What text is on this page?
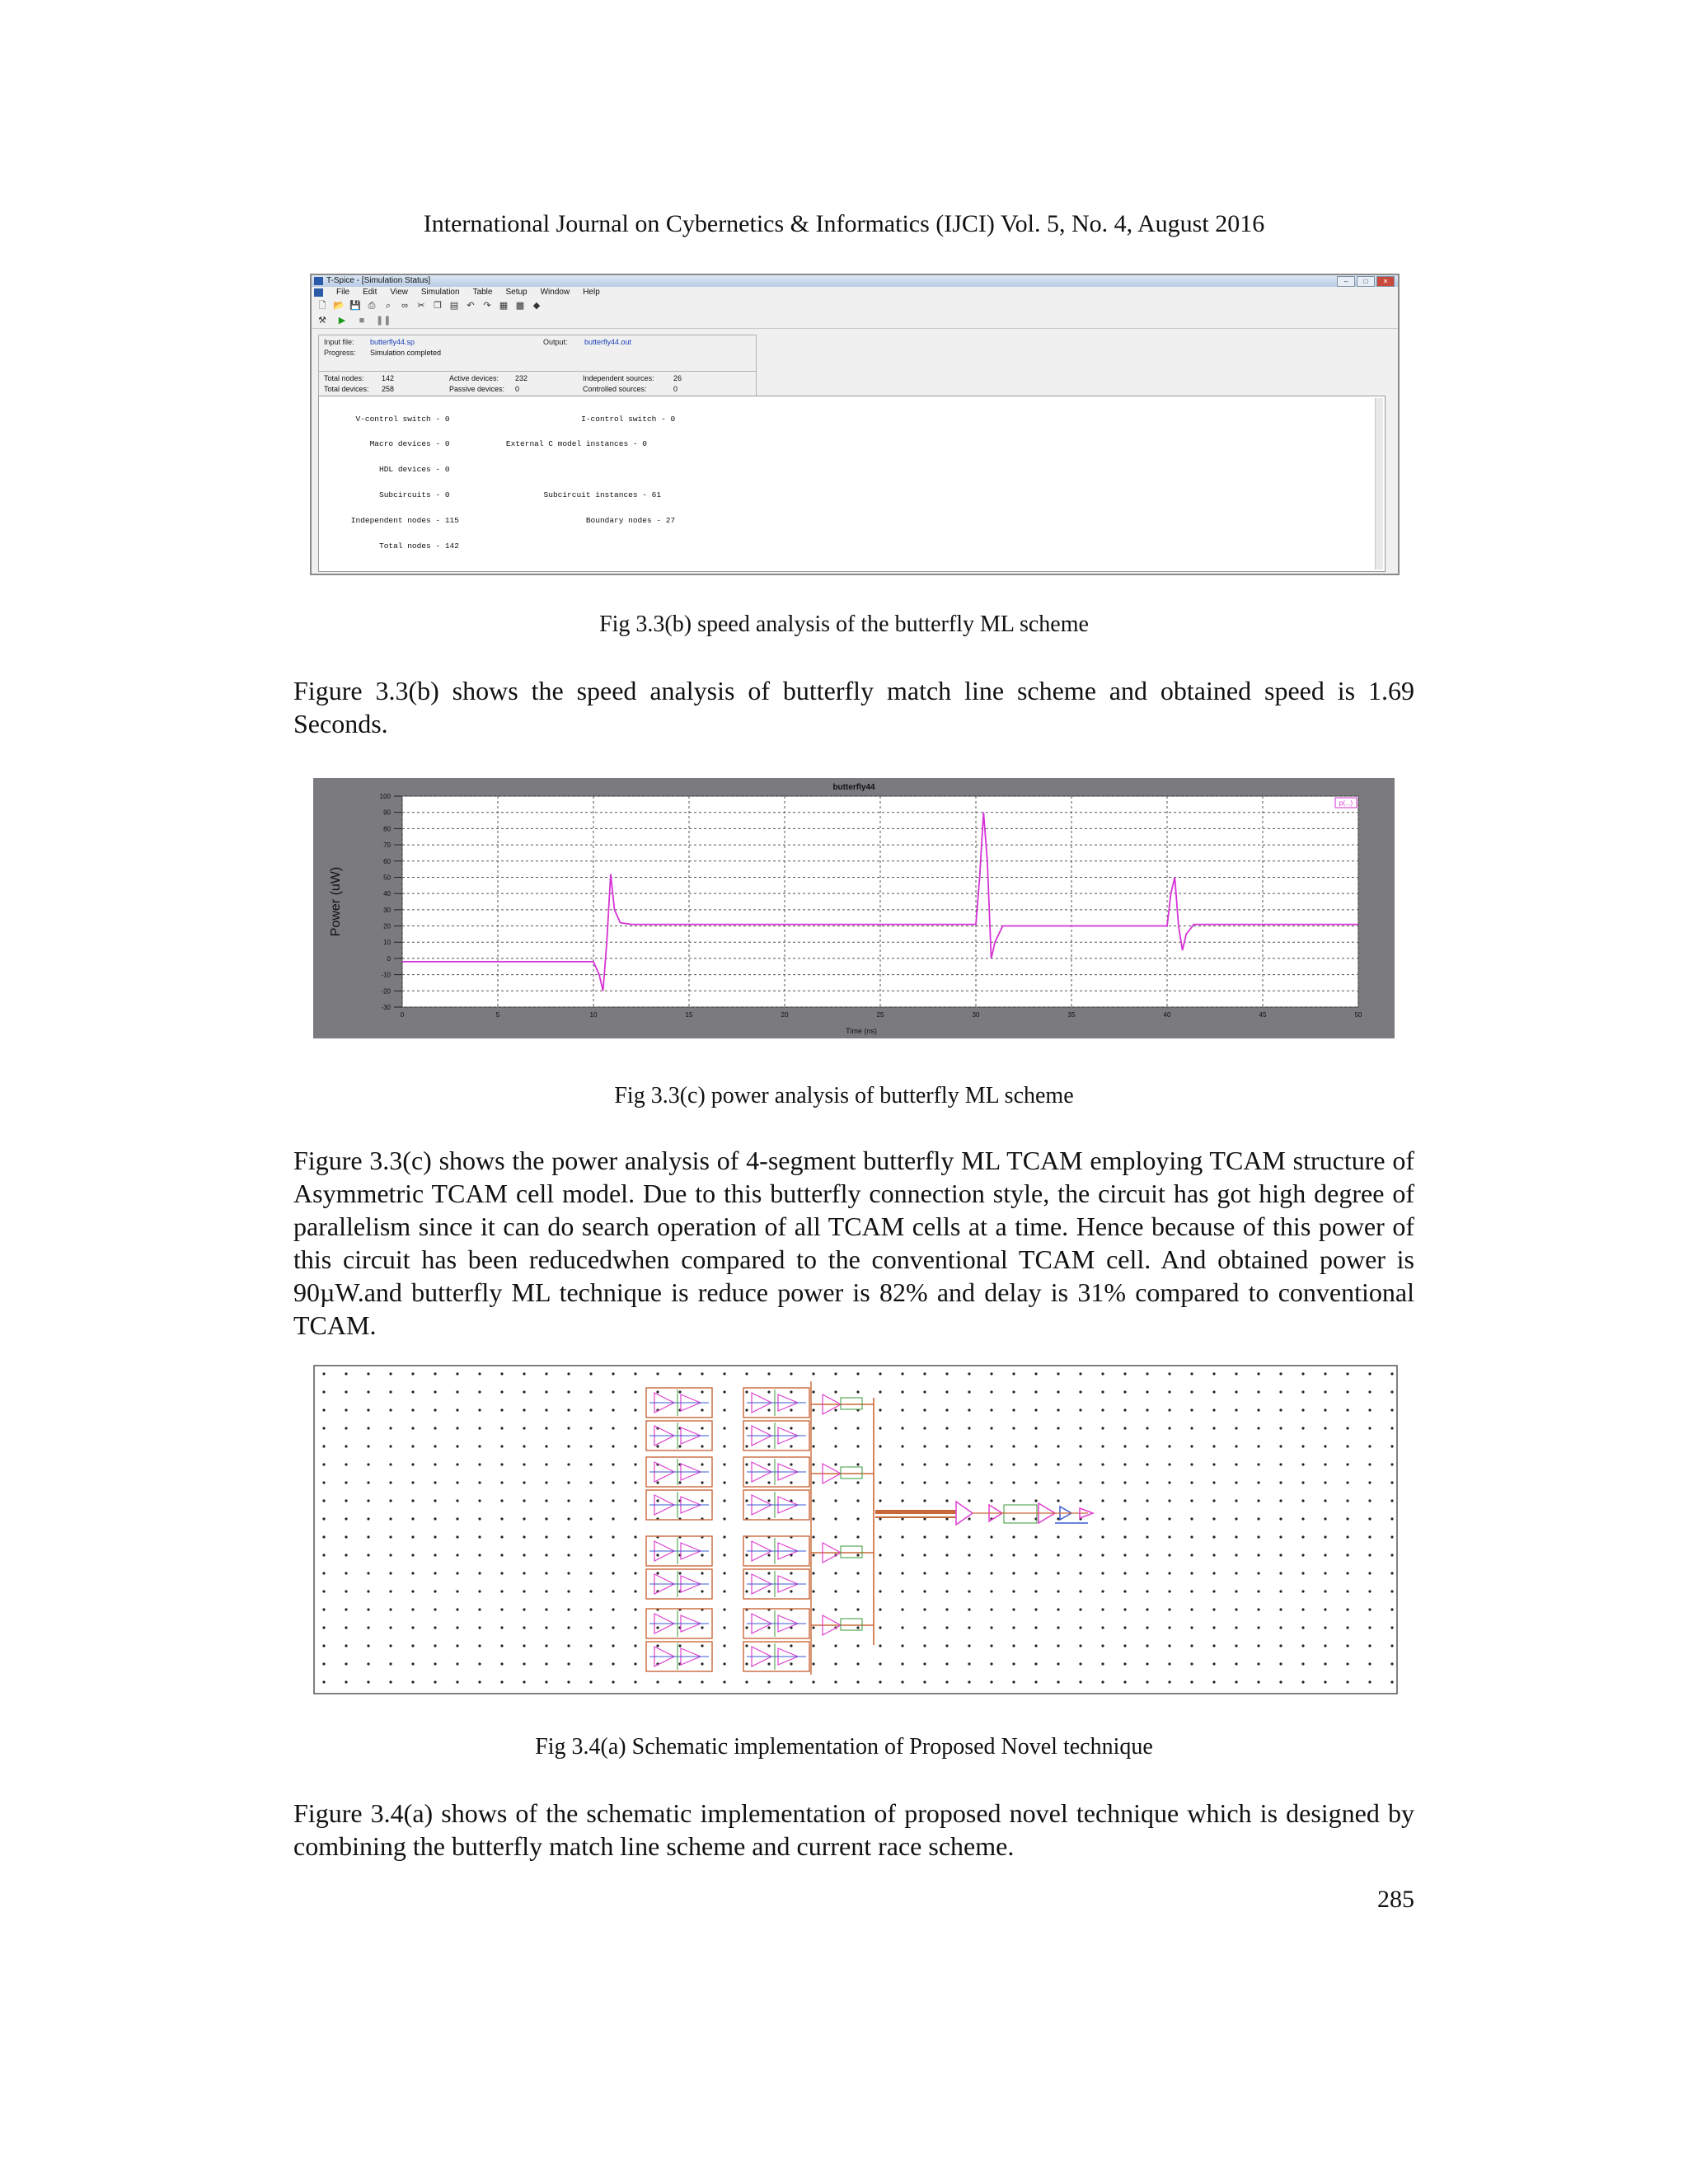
International Journal on Cybernetics & Informatics (IJCI) Vol. 5, No. 4, August 2016
T-Spice - [Simulation Status]	–	□	✕
File Edit View Simulation Table Setup Window Help
🗋 📂 💾 ⎙	⌕	∞ ✂ ❐ ▤ ↶ ↷ ▦ ▩ ◆
⚒ ▶	■	❚❚
Input file:	butterfly44.sp	Output:	butterfly44.out
Progress:	Simulation completed

Total nodes:	142	Active devices:	232	Independent sources:	26
Total devices:	258	Passive devices:	0	Controlled sources:	0

V-control switch - 0                            I-control switch - 0

Macro devices - 0            External C model instances - 0

HDL devices - 0

Subcircuits - 0                    Subcircuit instances - 61

Independent nodes - 115                           Boundary nodes - 27

Total nodes - 142

Fig 3.3(b) speed analysis of the butterfly ML scheme
Figure 3.3(b) shows the speed analysis of butterfly match line scheme and obtained speed is 1.69 Seconds.
butterfly44
Power (uW)
Time (ns)
0	5	10	15	20	25	30	35	40	45	50
-30
-20
-10
0
10
20
30
40
50
60
70
80
90
100
p(...)
Fig 3.3(c) power analysis of butterfly ML scheme
Figure 3.3(c) shows the power analysis of 4-segment butterfly ML TCAM employing TCAM structure of Asymmetric TCAM cell model. Due to this butterfly connection style, the circuit has got high degree of parallelism since it can do search operation of all TCAM cells at a time. Hence because of this power of this circuit has been reducedwhen compared to the conventional TCAM cell. And obtained power is 90µW.and butterfly ML technique is reduce power is 82% and delay is 31% compared to conventional TCAM.
Fig 3.4(a) Schematic implementation of Proposed Novel technique
Figure 3.4(a) shows of the schematic implementation of proposed novel technique which is designed by combining the butterfly match line scheme and current race scheme.
285
